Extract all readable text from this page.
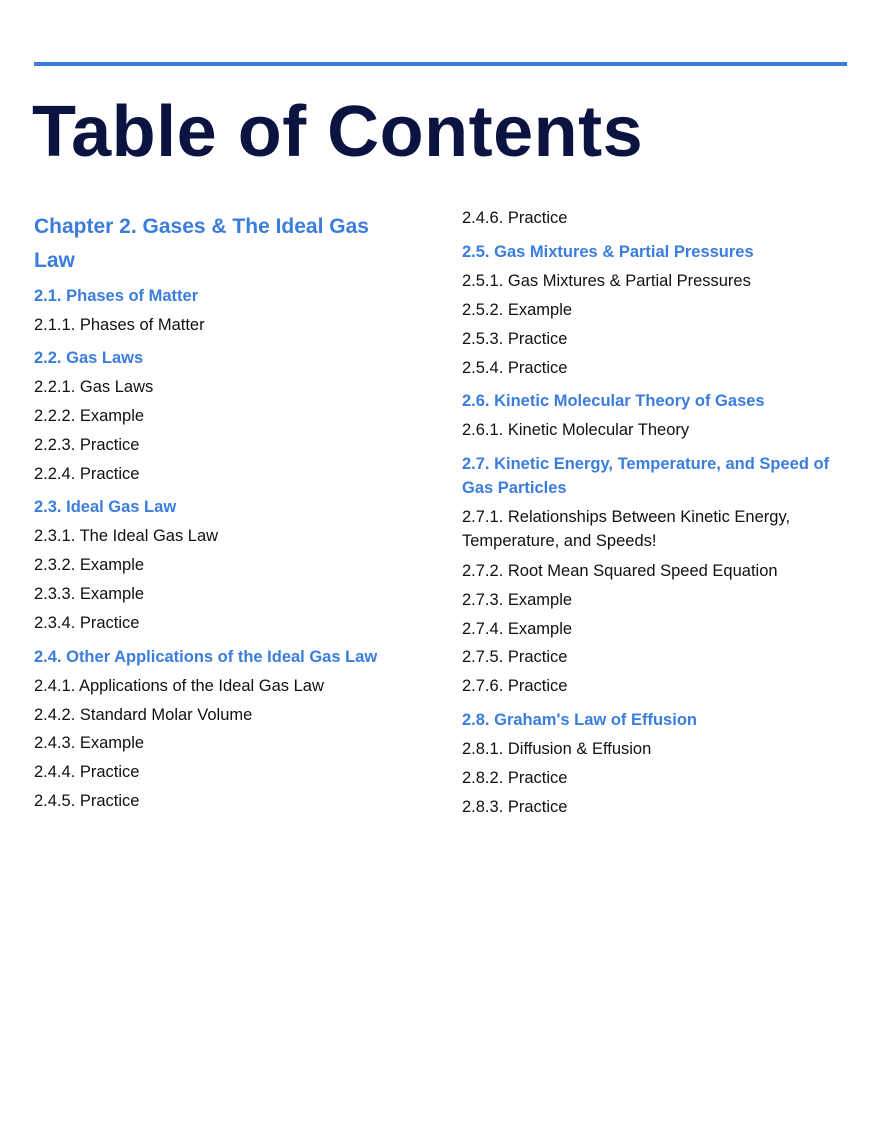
Table of Contents
Chapter 2. Gases & The Ideal Gas Law
2.1. Phases of Matter
2.1.1. Phases of Matter
2.2. Gas Laws
2.2.1. Gas Laws
2.2.2. Example
2.2.3. Practice
2.2.4. Practice
2.3. Ideal Gas Law
2.3.1. The Ideal Gas Law
2.3.2. Example
2.3.3. Example
2.3.4. Practice
2.4. Other Applications of the Ideal Gas Law
2.4.1. Applications of the Ideal Gas Law
2.4.2. Standard Molar Volume
2.4.3. Example
2.4.4. Practice
2.4.5. Practice
2.4.6. Practice
2.5. Gas Mixtures & Partial Pressures
2.5.1. Gas Mixtures & Partial Pressures
2.5.2. Example
2.5.3. Practice
2.5.4. Practice
2.6. Kinetic Molecular Theory of Gases
2.6.1. Kinetic Molecular Theory
2.7. Kinetic Energy, Temperature, and Speed of Gas Particles
2.7.1. Relationships Between Kinetic Energy, Temperature, and Speeds!
2.7.2. Root Mean Squared Speed Equation
2.7.3. Example
2.7.4. Example
2.7.5. Practice
2.7.6. Practice
2.8. Graham's Law of Effusion
2.8.1. Diffusion & Effusion
2.8.2. Practice
2.8.3. Practice
